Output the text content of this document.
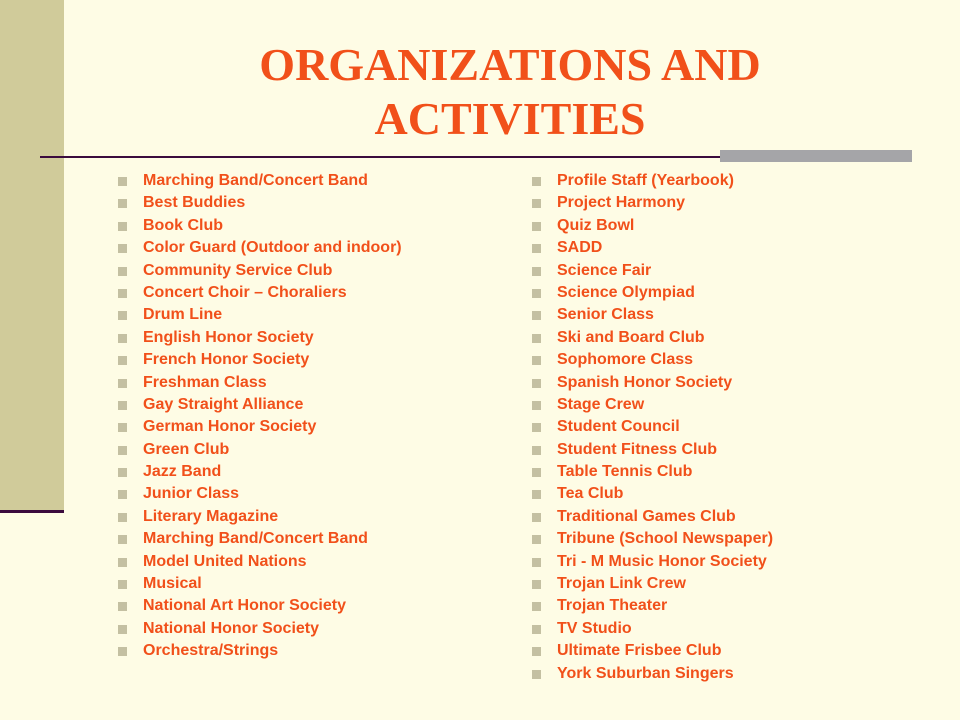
ORGANIZATIONS AND
ACTIVITIES
Marching Band/Concert Band
Best Buddies
Book Club
Color Guard (Outdoor and indoor)
Community Service Club
Concert Choir – Choraliers
Drum Line
English Honor Society
French Honor Society
Freshman Class
Gay Straight Alliance
German Honor Society
Green Club
Jazz Band
Junior Class
Literary Magazine
Marching Band/Concert Band
Model United Nations
Musical
National Art Honor Society
National Honor Society
Orchestra/Strings
Profile Staff (Yearbook)
Project Harmony
Quiz Bowl
SADD
Science Fair
Science Olympiad
Senior Class
Ski and Board Club
Sophomore Class
Spanish Honor Society
Stage Crew
Student Council
Student Fitness Club
Table Tennis Club
Tea Club
Traditional Games Club
Tribune (School Newspaper)
Tri - M Music Honor Society
Trojan Link Crew
Trojan Theater
TV Studio
Ultimate Frisbee Club
York Suburban Singers
